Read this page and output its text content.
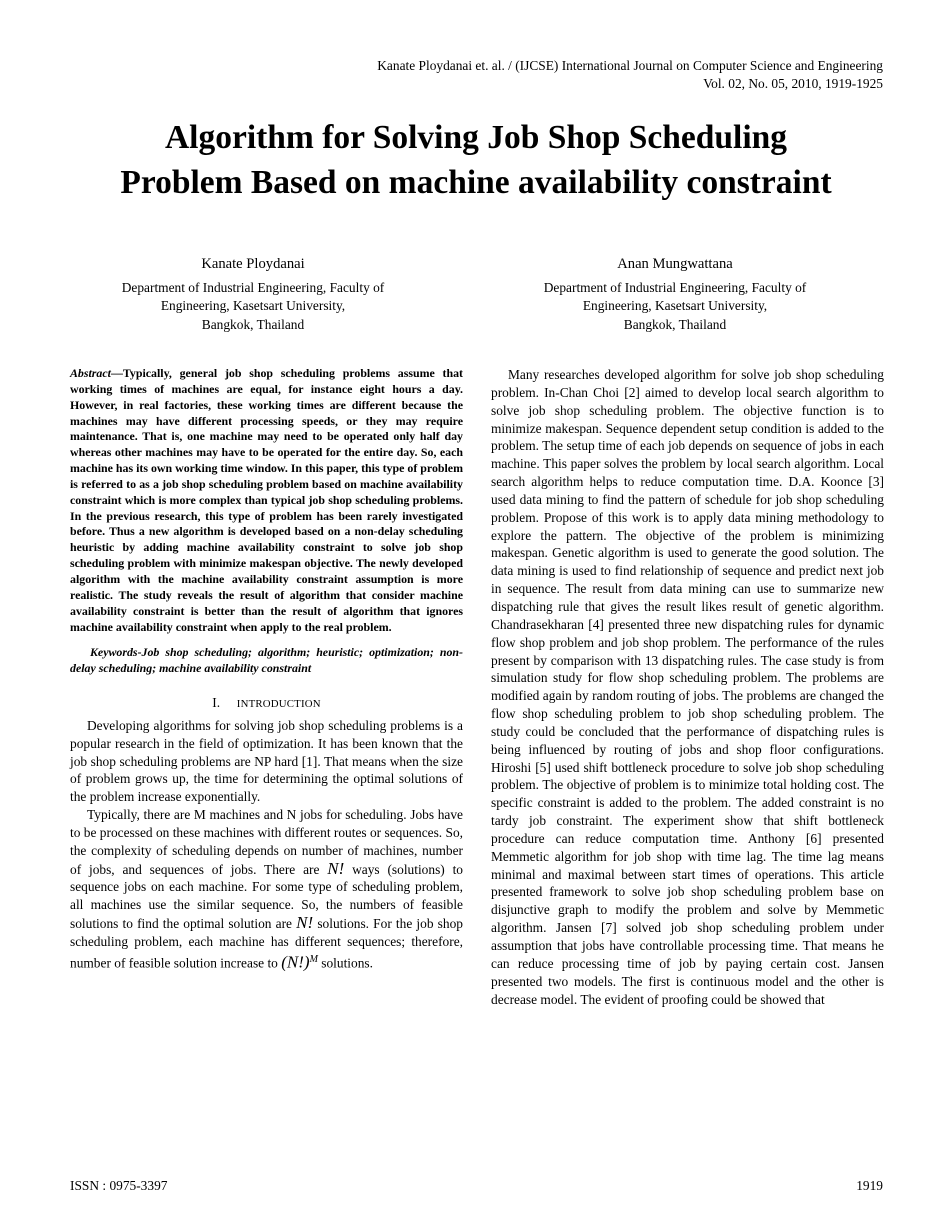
Kanate Ploydanai et. al. / (IJCSE) International Journal on Computer Science and Engineering
Vol. 02, No. 05, 2010, 1919-1925
Algorithm for Solving Job Shop Scheduling
Problem Based on machine availability constraint
Kanate Ploydanai
Department of Industrial Engineering, Faculty of
Engineering, Kasetsart University,
Bangkok, Thailand
Anan Mungwattana
Department of Industrial Engineering, Faculty of
Engineering, Kasetsart University,
Bangkok, Thailand
Abstract—Typically, general job shop scheduling problems assume that working times of machines are equal, for instance eight hours a day. However, in real factories, these working times are different because the machines may have different processing speeds, or they may require maintenance. That is, one machine may need to be operated only half day whereas other machines may have to be operated for the entire day. So, each machine has its own working time window. In this paper, this type of problem is referred to as a job shop scheduling problem based on machine availability constraint which is more complex than typical job shop scheduling problems. In the previous research, this type of problem has been rarely investigated before. Thus a new algorithm is developed based on a non-delay scheduling heuristic by adding machine availability constraint to solve job shop scheduling problem with minimize makespan objective. The newly developed algorithm with the machine availability constraint assumption is more realistic. The study reveals the result of algorithm that consider machine availability constraint is better than the result of algorithm that ignores machine availability constraint when apply to the real problem.
Keywords-Job shop scheduling; algorithm; heuristic; optimization; non-delay scheduling; machine availability constraint
I. INTRODUCTION

Developing algorithms for solving job shop scheduling problems is a popular research in the field of optimization. It has been known that the job shop scheduling problems are NP hard [1]. That means when the size of problem grows up, the time for determining the optimal solutions of the problem increase exponentially.

Typically, there are M machines and N jobs for scheduling. Jobs have to be processed on these machines with different routes or sequences. So, the complexity of scheduling depends on number of machines, number of jobs, and sequences of jobs. There are N! ways (solutions) to sequence jobs on each machine. For some type of scheduling problem, all machines use the similar sequence. So, the numbers of feasible solutions to find the optimal solution are N! solutions. For the job shop scheduling problem, each machine has different sequences; therefore, number of feasible solution increase to $(N!)^M$ solutions.

Many researches developed algorithm for solve job shop scheduling problem. In-Chan Choi [2] aimed to develop local search algorithm to solve job shop scheduling problem. The objective function is to minimize makespan. Sequence dependent setup condition is added to the problem. The setup time of each job depends on sequence of jobs in each machine. This paper solves the problem by local search algorithm. Local search algorithm helps to reduce computation time. D.A. Koonce [3] used data mining to find the pattern of schedule for job shop scheduling problem. Propose of this work is to apply data mining methodology to explore the pattern. The objective of the problem is minimizing makespan. Genetic algorithm is used to generate the good solution. The data mining is used to find relationship of sequence and predict next job in sequence. The result from data mining can use to summarize new dispatching rule that gives the result likes result of genetic algorithm. Chandrasekharan [4] presented three new dispatching rules for dynamic flow shop problem and job shop problem. The performance of the rules present by comparison with 13 dispatching rules. The case study is from simulation study for flow shop scheduling problem. The problems are modified again by random routing of jobs. The problems are changed the flow shop scheduling problem to job shop scheduling problem. The study could be concluded that the performance of dispatching rules is being influenced by routing of jobs and shop floor configurations. Hiroshi [5] used shift bottleneck procedure to solve job shop scheduling problem. The objective of problem is to minimize total holding cost. The specific constraint is added to the problem. The added constraint is no tardy job constraint. The experiment show that shift bottleneck procedure can reduce computation time. Anthony [6] presented Memmetic algorithm for job shop with time lag. The time lag means minimal and maximal between start times of operations. This article presented framework to solve job shop scheduling problem base on disjunctive graph to modify the problem and solve by Memmetic algorithm. Jansen [7] solved job shop scheduling problem under assumption that jobs have controllable processing time. That means he can reduce processing time of job by paying certain cost. Jansen presented two models. The first is continuous model and the other is decrease model. The evident of proofing could be showed that

ISSN : 0975-3397	1919
